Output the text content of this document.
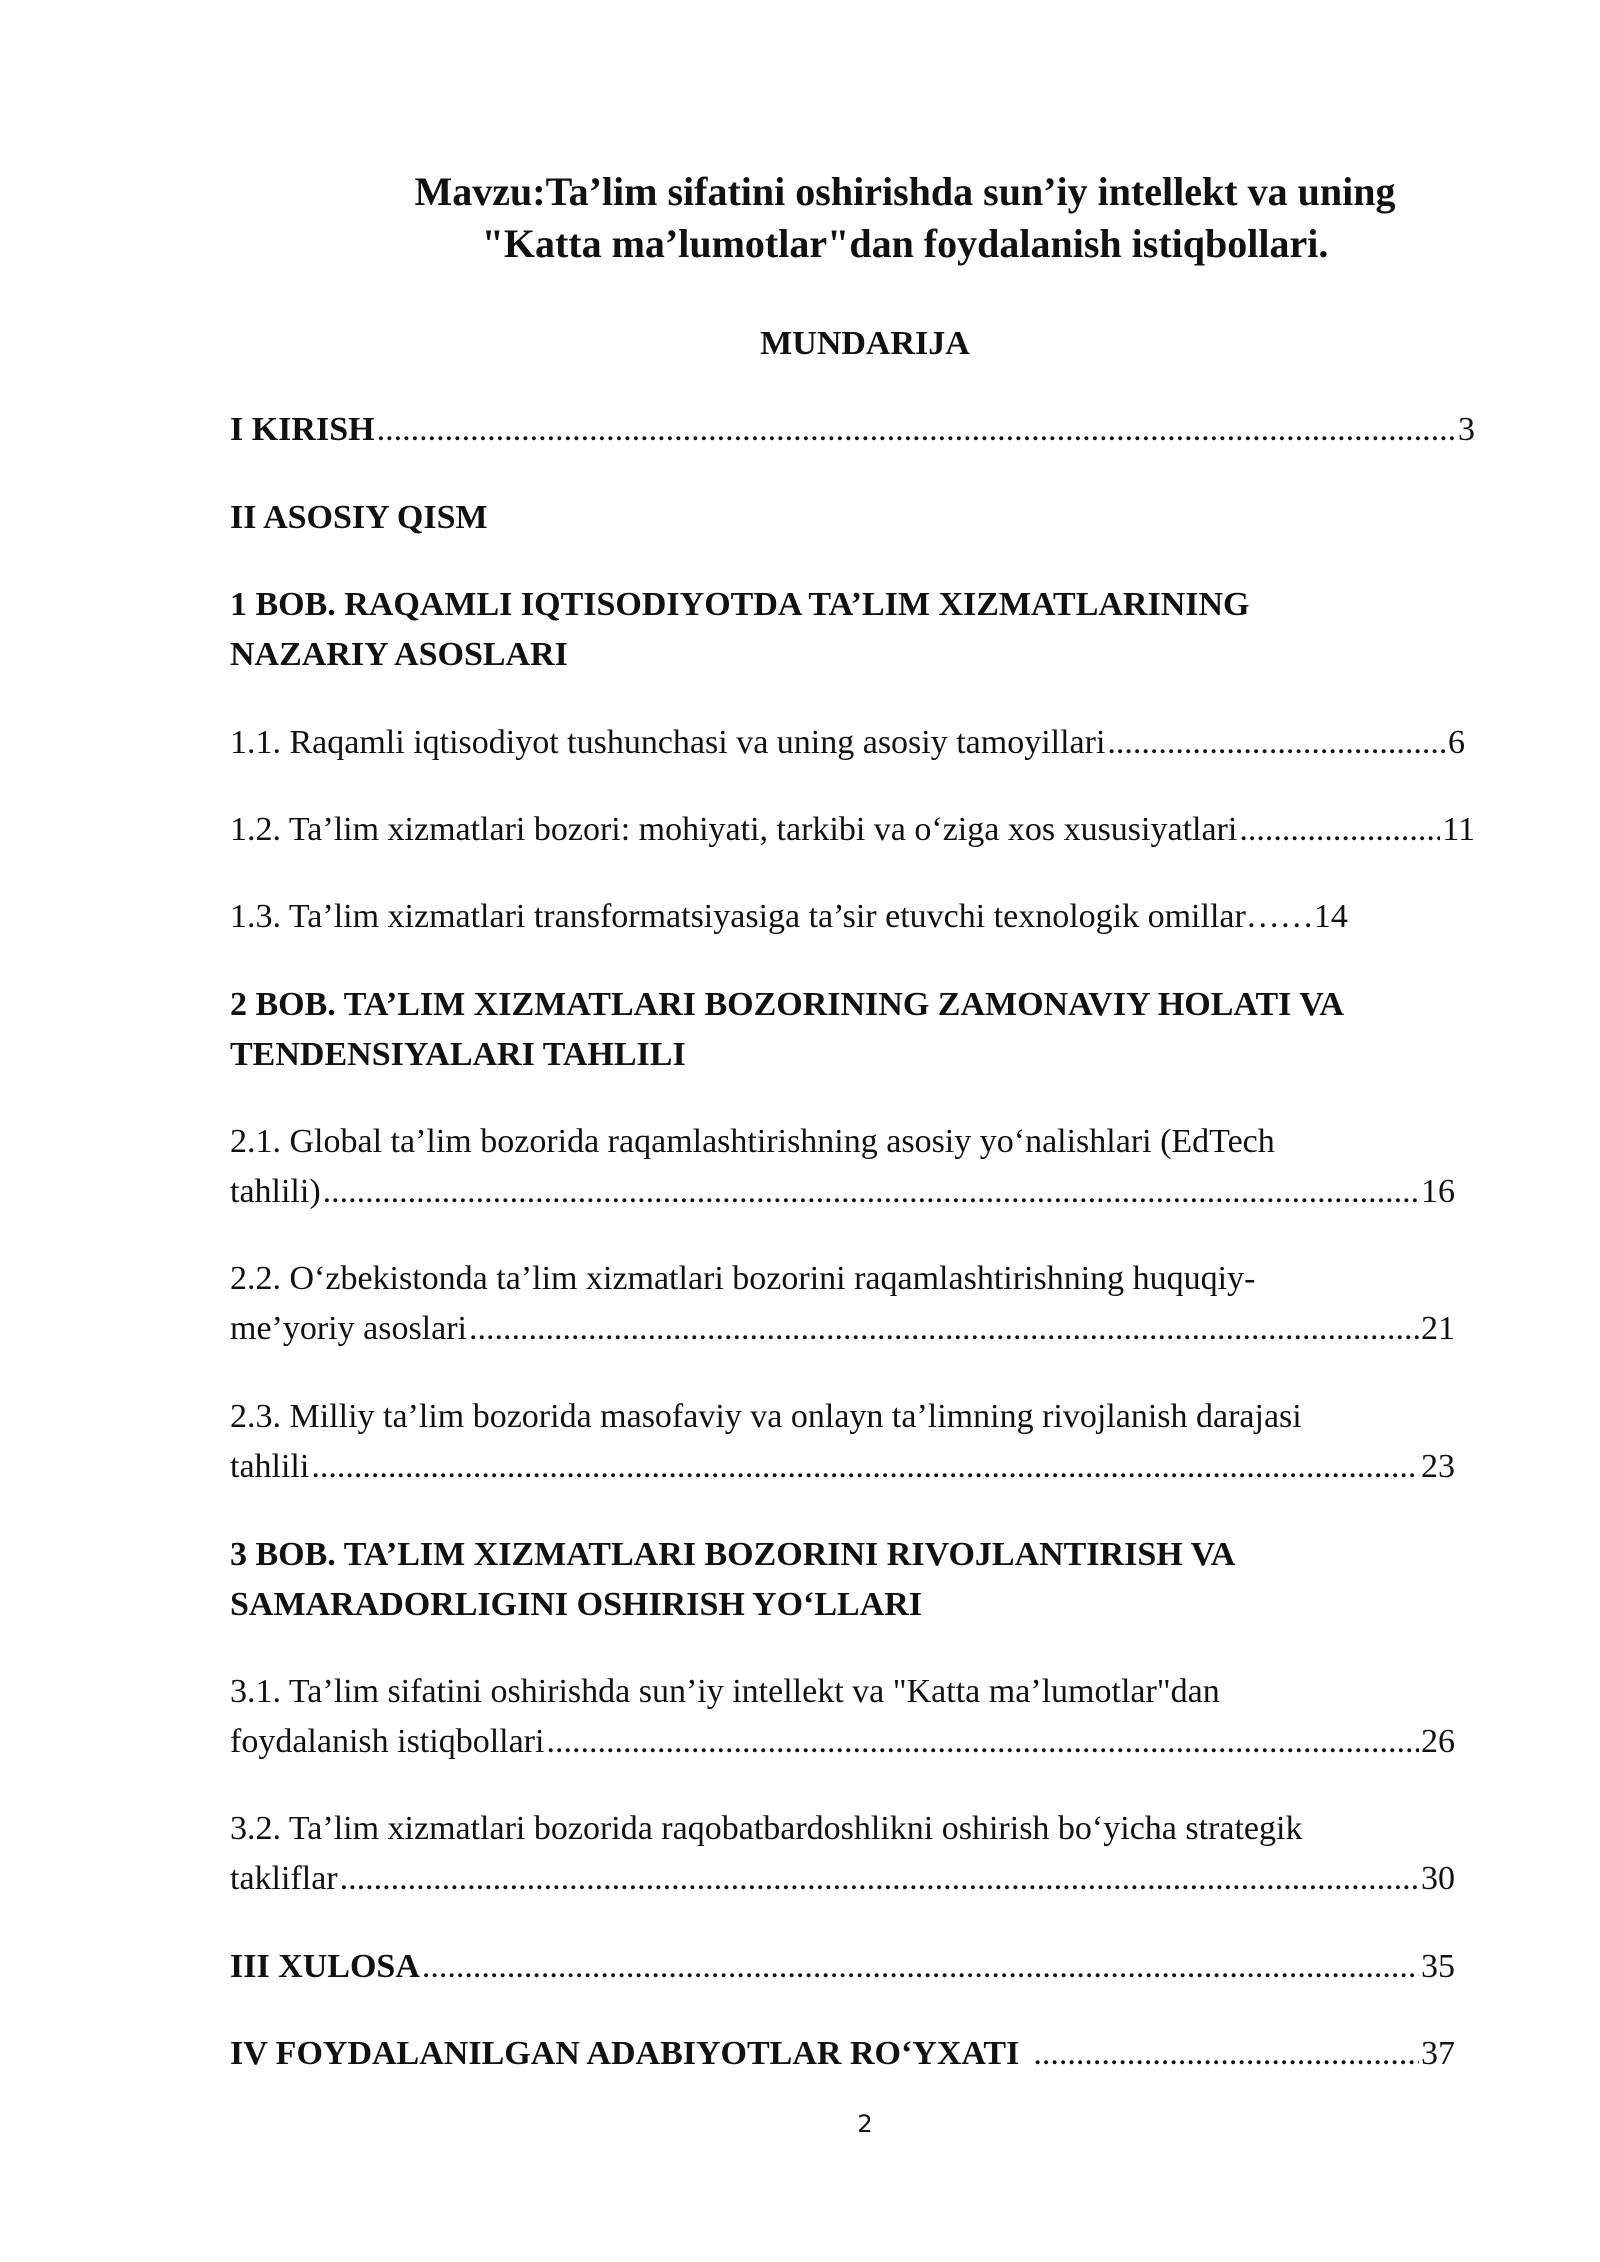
Mavzu:Ta’lim sifatini oshirishda sun’iy intellekt va uning
"Katta ma’lumotlar"dan foydalanish istiqbollari.
MUNDARIJA
I KIRISH .....	3
II ASOSIY QISM
1 BOB. RAQAMLI IQTISODIYOTDA TA’LIM XIZMATLARINING
NAZARIY ASOSLARI
1.1. Raqamli iqtisodiyot tushunchasi va uning asosiy tamoyillari .....	6
1.2. Ta’lim xizmatlari bozori: mohiyati, tarkibi va o‘ziga xos xususiyatlari .....	11
1.3. Ta’lim xizmatlari transformatsiyasiga ta’sir etuvchi texnologik omillar……14
2 BOB. TA’LIM XIZMATLARI BOZORINING ZAMONAVIY HOLATI VA
TENDENSIYALARI TAHLILI
2.1. Global ta’lim bozorida raqamlashtirishning asosiy yo‘nalishlari (EdTech
tahlili) .....	16
2.2. O‘zbekistonda ta’lim xizmatlari bozorini raqamlashtirishning huquqiy-
me’yoriy asoslari .....	21
2.3. Milliy ta’lim bozorida masofaviy va onlayn ta’limning rivojlanish darajasi
tahlili .....	23
3 BOB. TA’LIM XIZMATLARI BOZORINI RIVOJLANTIRISH VA
SAMARADORLIGINI OSHIRISH YO‘LLARI
3.1. Ta’lim sifatini oshirishda sun’iy intellekt va "Katta ma’lumotlar"dan
foydalanish istiqbollari .....	26
3.2. Ta’lim xizmatlari bozorida raqobatbardoshlikni oshirish bo‘yicha strategik
takliflar .....	30
III XULOSA .....	35
IV FOYDALANILGAN ADABIYOTLAR RO‘YXATI .....	37
2
